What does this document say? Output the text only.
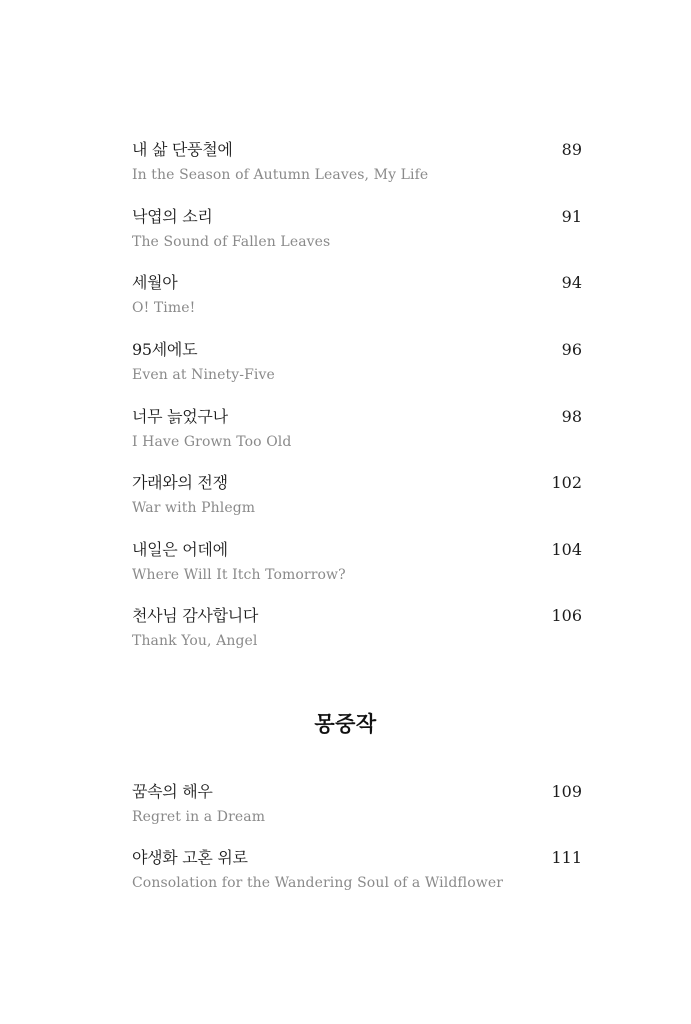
내 삶 단풍철에	89
In the Season of Autumn Leaves, My Life
낙엽의 소리	91
The Sound of Fallen Leaves
세월아	94
O! Time!
95세에도	96
Even at Ninety-Five
너무 늙었구나	98
I Have Grown Too Old
가래와의 전쟁	102
War with Phlegm
내일은 어데에	104
Where Will It Itch Tomorrow?
천사님 감사합니다	106
Thank You, Angel
몽중작
꿈속의 해우	109
Regret in a Dream
야생화 고혼 위로	111
Consolation for the Wandering Soul of a Wildflower
